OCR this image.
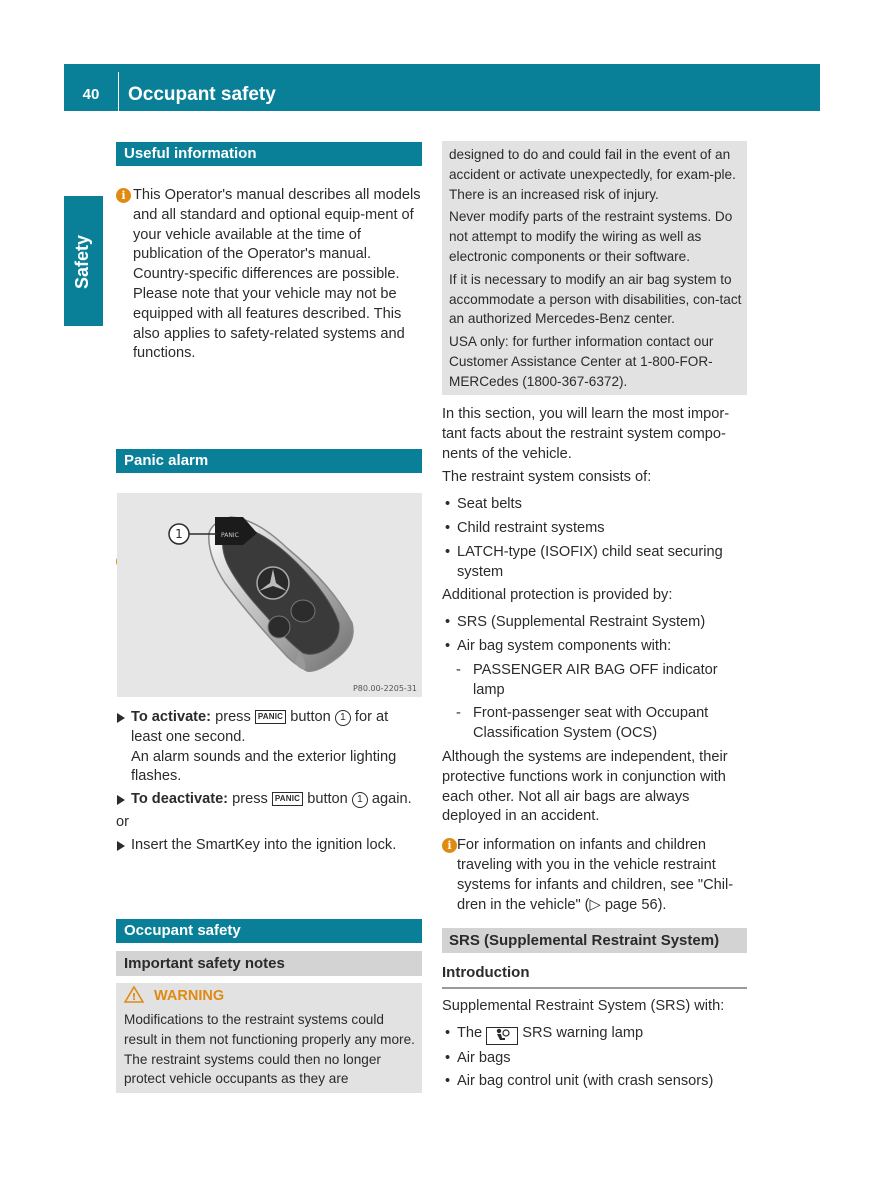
40	Occupant safety
Safety
Useful information
i This Operator's manual describes all models and all standard and optional equip-ment of your vehicle available at the time of publication of the Operator's manual. Country-specific differences are possible. Please note that your vehicle may not be equipped with all features described. This also applies to safety-related systems and functions.

Panic alarm
PANIC
1
P80.00-2205-31
To activate: press PANIC button 1 for at least one second.
An alarm sounds and the exterior lighting flashes.
To deactivate: press PANIC button 1 again.
or
Insert the SmartKey into the ignition lock.
Occupant safety
Important safety notes
! WARNING
Modifications to the restraint systems could result in them not functioning properly any more. The restraint systems could then no longer protect vehicle occupants as they are

designed to do and could fail in the event of an accident or activate unexpectedly, for exam-ple. There is an increased risk of injury.

Never modify parts of the restraint systems. Do not attempt to modify the wiring as well as electronic components or their software.

If it is necessary to modify an air bag system to accommodate a person with disabilities, con-tact an authorized Mercedes-Benz center.

USA only: for further information contact our Customer Assistance Center at 1-800-FOR-MERCedes (1800-367-6372).

In this section, you will learn the most impor-tant facts about the restraint system compo-nents of the vehicle.
The restraint system consists of:
• Seat belts
• Child restraint systems
• LATCH-type (ISOFIX) child seat securing system
Additional protection is provided by:
• SRS (Supplemental Restraint System)
• Air bag system components with:
- PASSENGER AIR BAG OFF indicator lamp
- Front-passenger seat with Occupant Classification System (OCS)
Although the systems are independent, their protective functions work in conjunction with each other. Not all air bags are always deployed in an accident.
i For information on infants and children traveling with you in the vehicle restraint systems for infants and children, see "Chil-dren in the vehicle" (▷ page 56).
SRS (Supplemental Restraint System)
Introduction
Supplemental Restraint System (SRS) with:
• The	SRS warning lamp
• Air bags
• Air bag control unit (with crash sensors)
